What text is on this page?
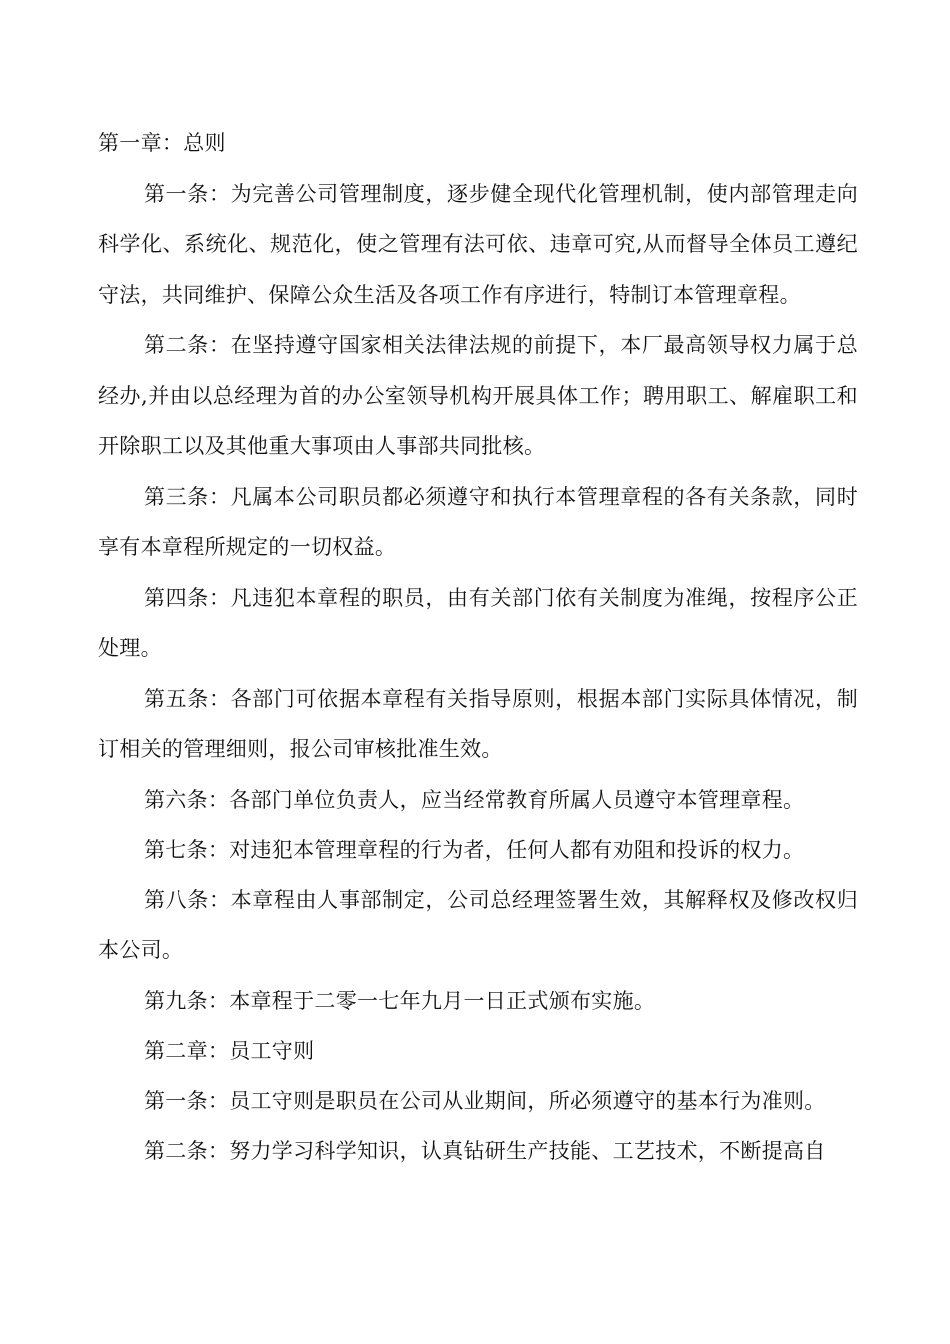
第一章：总则

第一条：为完善公司管理制度，逐步健全现代化管理机制，使内部管理走向科学化、系统化、规范化，使之管理有法可依、违章可究,从而督导全体员工遵纪守法，共同维护、保障公众生活及各项工作有序进行，特制订本管理章程。

第二条：在坚持遵守国家相关法律法规的前提下，本厂最高领导权力属于总经办,并由以总经理为首的办公室领导机构开展具体工作；聘用职工、解雇职工和开除职工以及其他重大事项由人事部共同批核。

第三条：凡属本公司职员都必须遵守和执行本管理章程的各有关条款，同时享有本章程所规定的一切权益。

第四条：凡违犯本章程的职员，由有关部门依有关制度为准绳，按程序公正处理。

第五条：各部门可依据本章程有关指导原则，根据本部门实际具体情况，制订相关的管理细则，报公司审核批准生效。

第六条：各部门单位负责人，应当经常教育所属人员遵守本管理章程。

第七条：对违犯本管理章程的行为者，任何人都有劝阻和投诉的权力。

第八条：本章程由人事部制定，公司总经理签署生效，其解释权及修改权归本公司。

第九条：本章程于二零一七年九月一日正式颁布实施。

第二章：员工守则

第一条：员工守则是职员在公司从业期间，所必须遵守的基本行为准则。

第二条：努力学习科学知识，认真钻研生产技能、工艺技术，不断提高自
